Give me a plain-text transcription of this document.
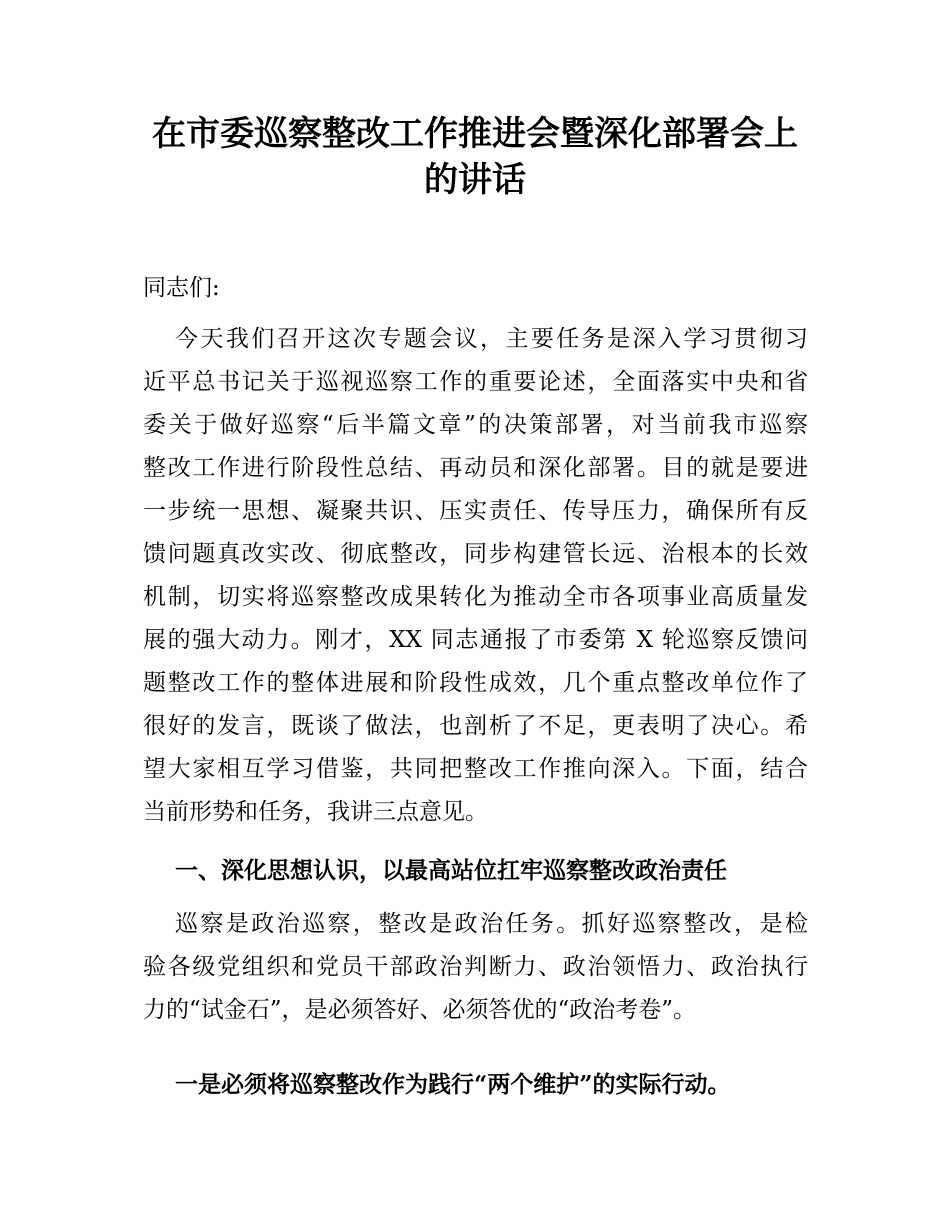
在市委巡察整改工作推进会暨深化部署会上
的讲话
同志们:
今天我们召开这次专题会议，主要任务是深入学习贯彻习
近平总书记关于巡视巡察工作的重要论述，全面落实中央和省
委关于做好巡察“后半篇文章”的决策部署，对当前我市巡察
整改工作进行阶段性总结、再动员和深化部署。目的就是要进
一步统一思想、凝聚共识、压实责任、传导压力，确保所有反
馈问题真改实改、彻底整改，同步构建管长远、治根本的长效
机制，切实将巡察整改成果转化为推动全市各项事业高质量发
展的强大动力。刚才，XX 同志通报了市委第 X 轮巡察反馈问
题整改工作的整体进展和阶段性成效，几个重点整改单位作了
很好的发言，既谈了做法，也剖析了不足，更表明了决心。希
望大家相互学习借鉴，共同把整改工作推向深入。下面，结合
当前形势和任务，我讲三点意见。
一、深化思想认识，以最高站位扛牢巡察整改政治责任
巡察是政治巡察，整改是政治任务。抓好巡察整改，是检
验各级党组织和党员干部政治判断力、政治领悟力、政治执行
力的“试金石”，是必须答好、必须答优的“政治考卷”。
一是必须将巡察整改作为践行“两个维护”的实际行动。
